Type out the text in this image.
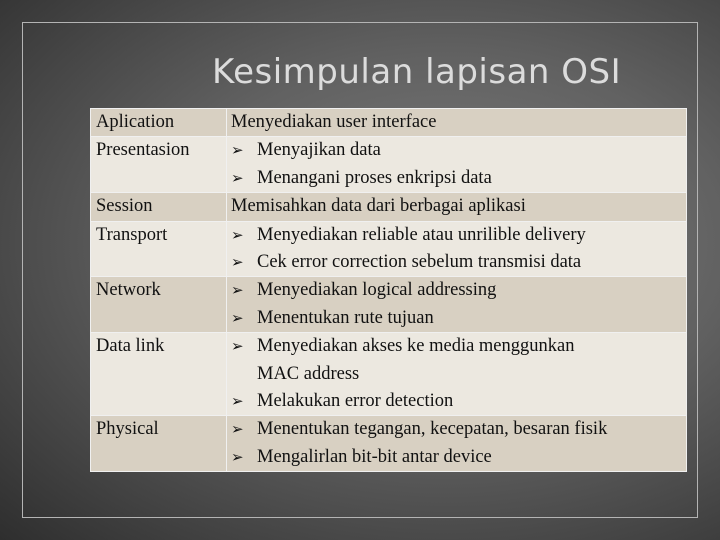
Kesimpulan lapisan OSI
Aplication	Menyediakan user interface

Presentasion	➢ Menyajikan data
➢ Menangani proses enkripsi data

Session	Memisahkan data dari berbagai aplikasi

Transport	➢ Menyediakan reliable atau unrilible delivery
➢ Cek error correction sebelum transmisi data

Network	➢ Menyediakan logical addressing
➢ Menentukan rute tujuan

Data link	➢ Menyediakan akses ke media menggunkan
MAC address
➢ Melakukan error detection

Physical	➢ Menentukan tegangan, kecepatan, besaran fisik
➢ Mengalirlan bit-bit antar device
